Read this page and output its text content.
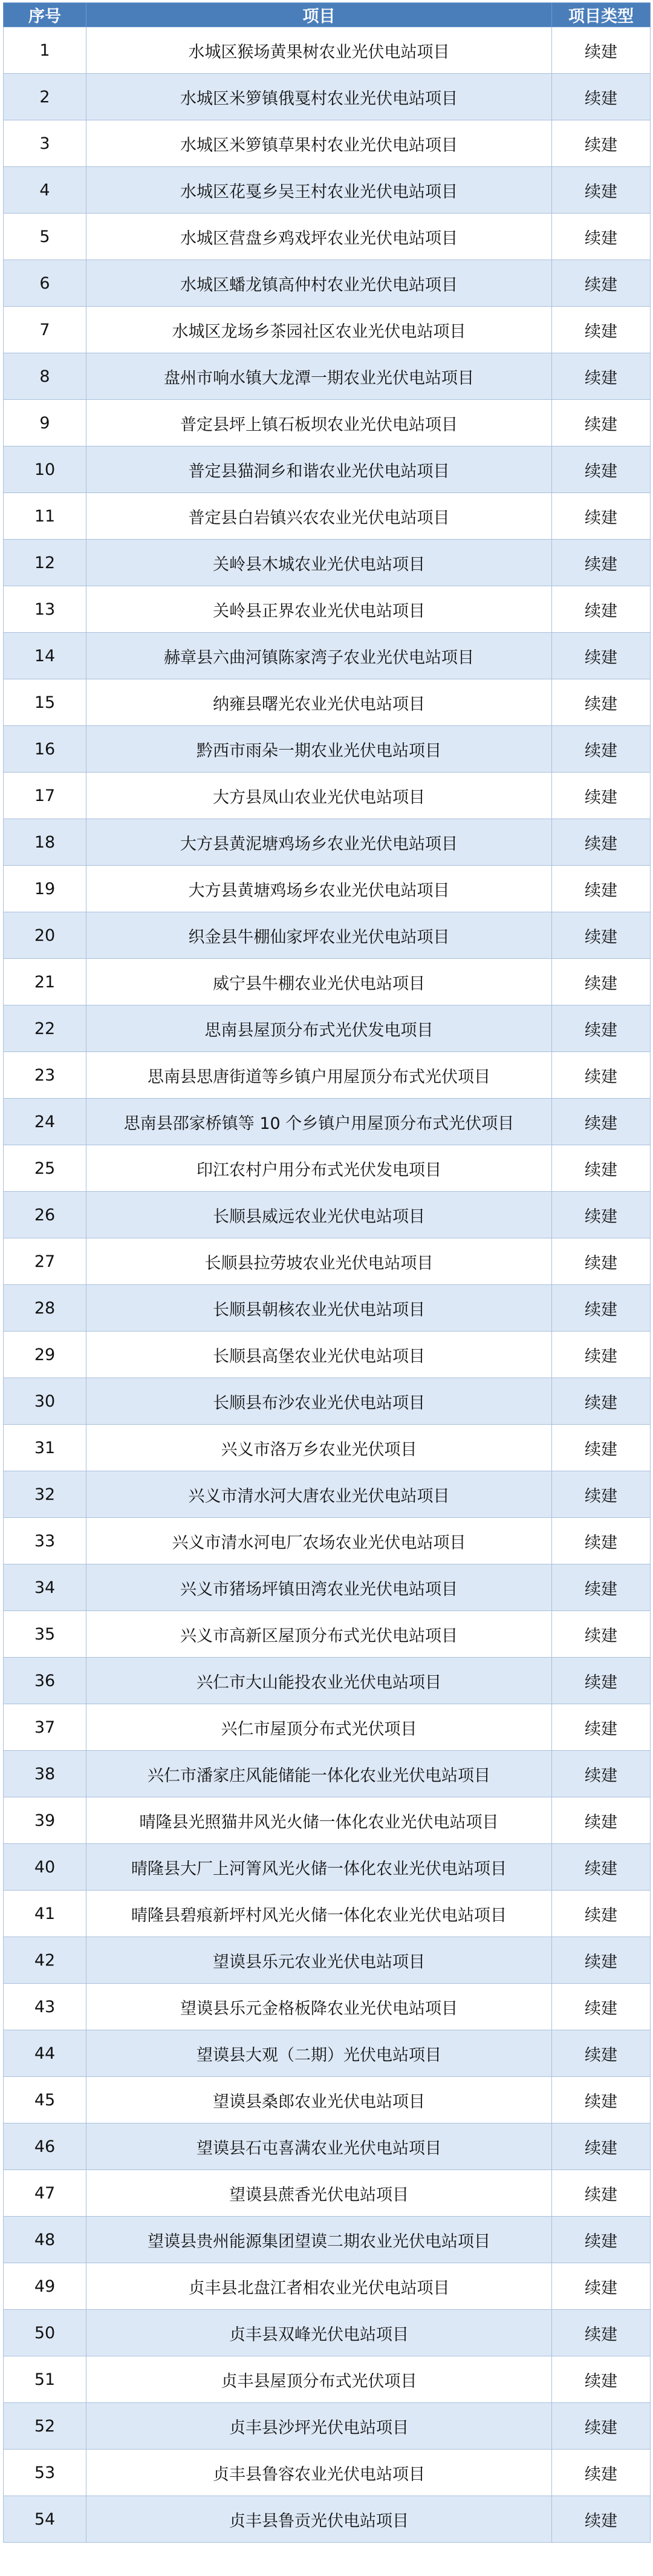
序号	项目	项目类型
1	水城区猴场黄果树农业光伏电站项目	续建
2	水城区米箩镇俄戛村农业光伏电站项目	续建
3	水城区米箩镇草果村农业光伏电站项目	续建
4	水城区花戛乡吴王村农业光伏电站项目	续建
5	水城区营盘乡鸡戏坪农业光伏电站项目	续建
6	水城区蟠龙镇高仲村农业光伏电站项目	续建
7	水城区龙场乡茶园社区农业光伏电站项目	续建
8	盘州市响水镇大龙潭一期农业光伏电站项目	续建
9	普定县坪上镇石板坝农业光伏电站项目	续建
10	普定县猫洞乡和谐农业光伏电站项目	续建
11	普定县白岩镇兴农农业光伏电站项目	续建
12	关岭县木城农业光伏电站项目	续建
13	关岭县正界农业光伏电站项目	续建
14	赫章县六曲河镇陈家湾子农业光伏电站项目	续建
15	纳雍县曙光农业光伏电站项目	续建
16	黔西市雨朵一期农业光伏电站项目	续建
17	大方县凤山农业光伏电站项目	续建
18	大方县黄泥塘鸡场乡农业光伏电站项目	续建
19	大方县黄塘鸡场乡农业光伏电站项目	续建
20	织金县牛棚仙家坪农业光伏电站项目	续建
21	威宁县牛棚农业光伏电站项目	续建
22	思南县屋顶分布式光伏发电项目	续建
23	思南县思唐街道等乡镇户用屋顶分布式光伏项目	续建
24	思南县邵家桥镇等 10 个乡镇户用屋顶分布式光伏项目	续建
25	印江农村户用分布式光伏发电项目	续建
26	长顺县威远农业光伏电站项目	续建
27	长顺县拉劳坡农业光伏电站项目	续建
28	长顺县朝核农业光伏电站项目	续建
29	长顺县高堡农业光伏电站项目	续建
30	长顺县布沙农业光伏电站项目	续建
31	兴义市洛万乡农业光伏项目	续建
32	兴义市清水河大唐农业光伏电站项目	续建
33	兴义市清水河电厂农场农业光伏电站项目	续建
34	兴义市猪场坪镇田湾农业光伏电站项目	续建
35	兴义市高新区屋顶分布式光伏电站项目	续建
36	兴仁市大山能投农业光伏电站项目	续建
37	兴仁市屋顶分布式光伏项目	续建
38	兴仁市潘家庄风能储能一体化农业光伏电站项目	续建
39	晴隆县光照猫井风光火储一体化农业光伏电站项目	续建
40	晴隆县大厂上河箐风光火储一体化农业光伏电站项目	续建
41	晴隆县碧痕新坪村风光火储一体化农业光伏电站项目	续建
42	望谟县乐元农业光伏电站项目	续建
43	望谟县乐元金格板降农业光伏电站项目	续建
44	望谟县大观（二期）光伏电站项目	续建
45	望谟县桑郎农业光伏电站项目	续建
46	望谟县石屯喜满农业光伏电站项目	续建
47	望谟县蔗香光伏电站项目	续建
48	望谟县贵州能源集团望谟二期农业光伏电站项目	续建
49	贞丰县北盘江者相农业光伏电站项目	续建
50	贞丰县双峰光伏电站项目	续建
51	贞丰县屋顶分布式光伏项目	续建
52	贞丰县沙坪光伏电站项目	续建
53	贞丰县鲁容农业光伏电站项目	续建
54	贞丰县鲁贡光伏电站项目	续建
